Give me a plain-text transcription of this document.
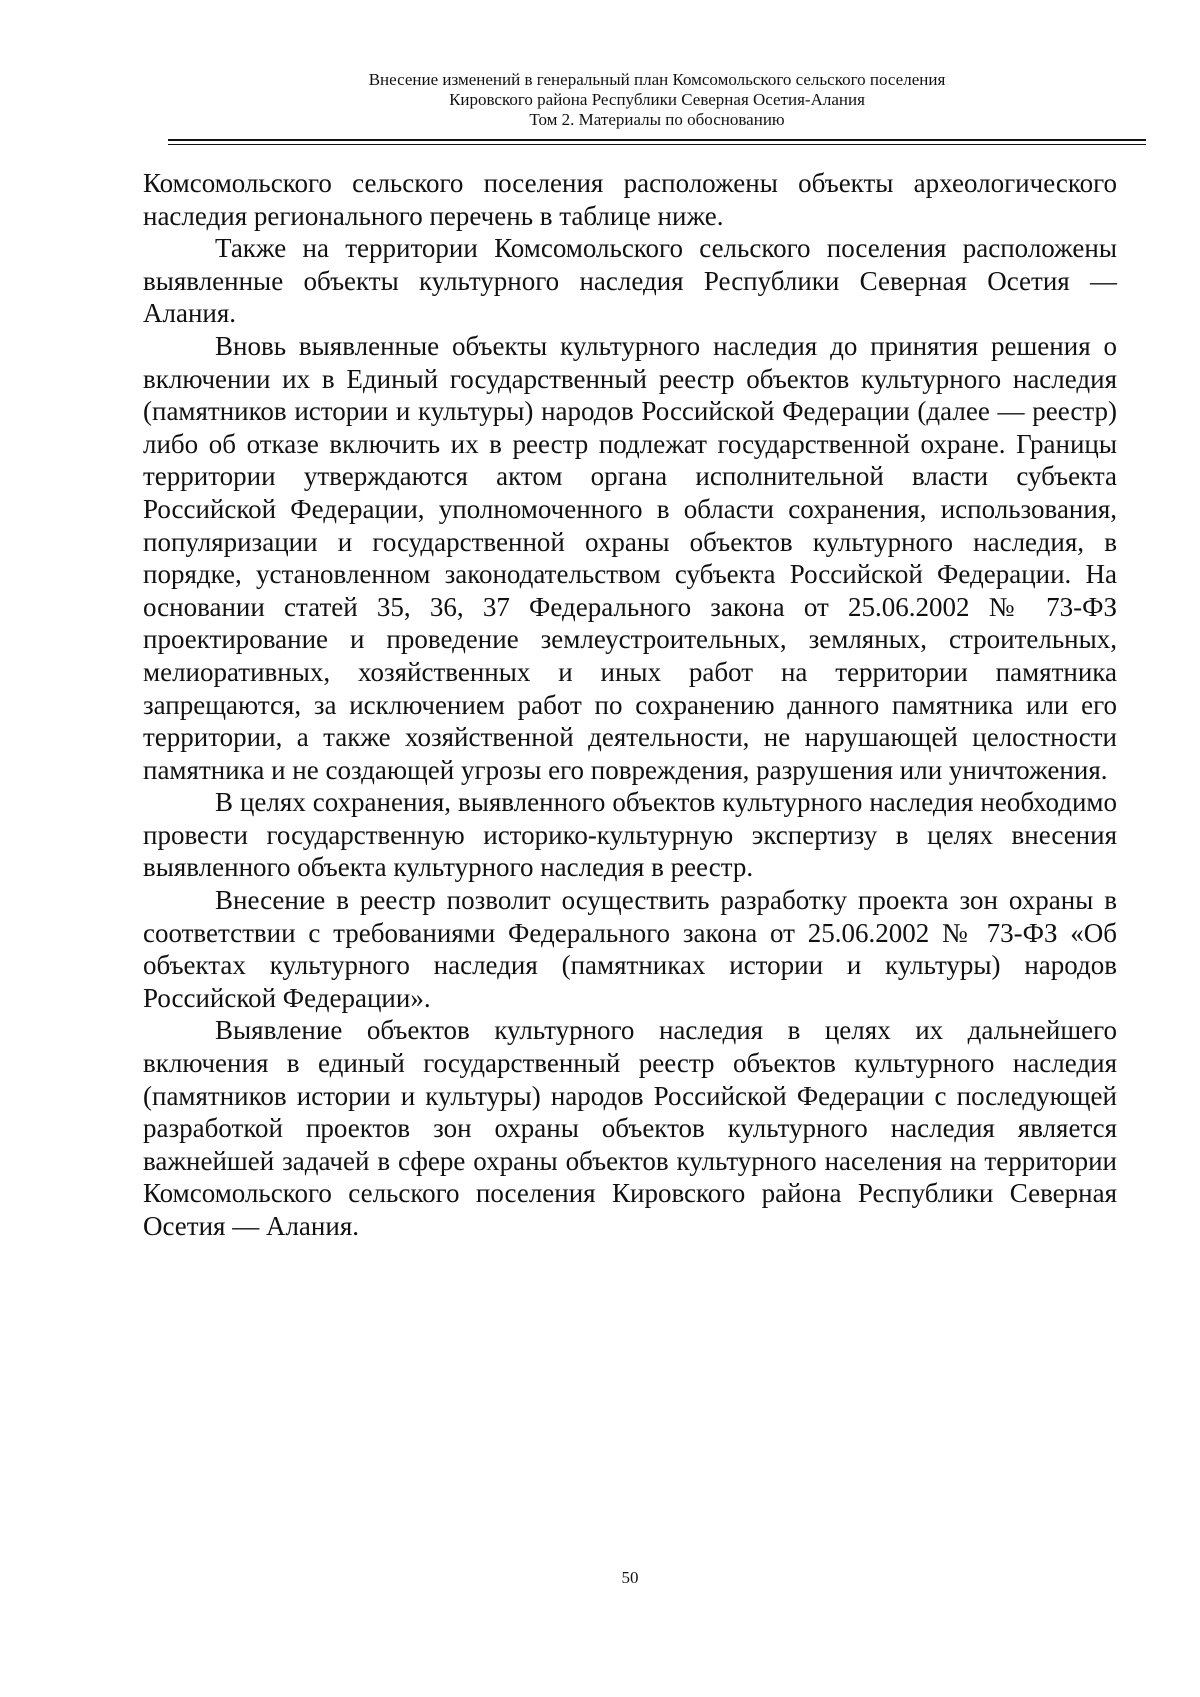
Внесение изменений в генеральный план Комсомольского сельского поселения
Кировского района Республики Северная Осетия-Алания
Том 2. Материалы по обоснованию

Комсомольского сельского поселения расположены объекты археологического наследия регионального перечень в таблице ниже.

Также на территории Комсомольского сельского поселения расположены выявленные объекты культурного наследия Республики Северная Осетия — Алания.

Вновь выявленные объекты культурного наследия до принятия решения о включении их в Единый государственный реестр объектов культурного наследия (памятников истории и культуры) народов Российской Федерации (далее — реестр) либо об отказе включить их в реестр подлежат государственной охране. Границы территории утверждаются актом органа исполнительной власти субъекта Российской Федерации, уполномоченного в области сохранения, использования, популяризации и государственной охраны объектов культурного наследия, в порядке, установленном законодательством субъекта Российской Федерации. На основании статей 35, 36, 37 Федерального закона от 25.06.2002 № 73-ФЗ проектирование и проведение землеустроительных, земляных, строительных, мелиоративных, хозяйственных и иных работ на территории памятника запрещаются, за исключением работ по сохранению данного памятника или его территории, а также хозяйственной деятельности, не нарушающей целостности памятника и не создающей угрозы его повреждения, разрушения или уничтожения.

В целях сохранения, выявленного объектов культурного наследия необходимо провести государственную историко-культурную экспертизу в целях внесения выявленного объекта культурного наследия в реестр.

Внесение в реестр позволит осуществить разработку проекта зон охраны в соответствии с требованиями Федерального закона от 25.06.2002 № 73-ФЗ «Об объектах культурного наследия (памятниках истории и культуры) народов Российской Федерации».

Выявление объектов культурного наследия в целях их дальнейшего включения в единый государственный реестр объектов культурного наследия (памятников истории и культуры) народов Российской Федерации с последующей разработкой проектов зон охраны объектов культурного наследия является важнейшей задачей в сфере охраны объектов культурного населения на территории Комсомольского сельского поселения Кировского района Республики Северная Осетия — Алания.

50
